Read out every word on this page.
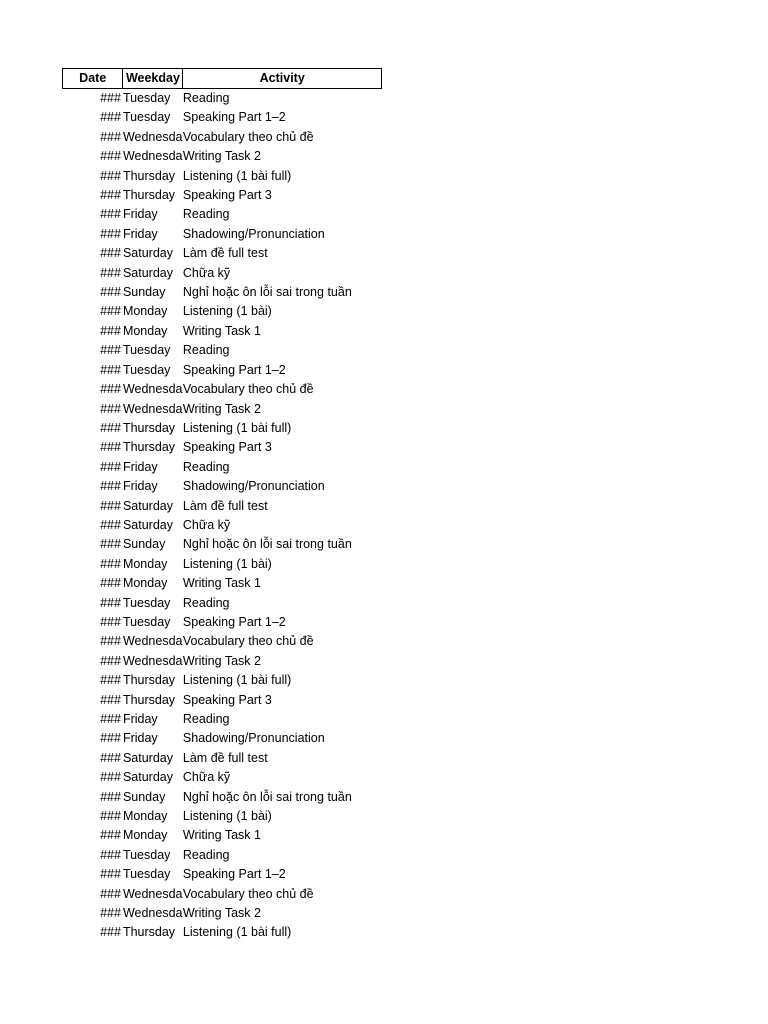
Date	Weekday	Activity
###	Tuesday	Reading
###	Tuesday	Speaking Part 1–2
###	Wednesda	Vocabulary theo chủ đề
###	Wednesda	Writing Task 2
###	Thursday	Listening (1 bài full)
###	Thursday	Speaking Part 3
###	Friday	Reading
###	Friday	Shadowing/Pronunciation
###	Saturday	Làm đề full test
###	Saturday	Chữa kỹ
###	Sunday	Nghỉ hoặc ôn lỗi sai trong tuần
###	Monday	Listening (1 bài)
###	Monday	Writing Task 1
###	Tuesday	Reading
###	Tuesday	Speaking Part 1–2
###	Wednesda	Vocabulary theo chủ đề
###	Wednesda	Writing Task 2
###	Thursday	Listening (1 bài full)
###	Thursday	Speaking Part 3
###	Friday	Reading
###	Friday	Shadowing/Pronunciation
###	Saturday	Làm đề full test
###	Saturday	Chữa kỹ
###	Sunday	Nghỉ hoặc ôn lỗi sai trong tuần
###	Monday	Listening (1 bài)
###	Monday	Writing Task 1
###	Tuesday	Reading
###	Tuesday	Speaking Part 1–2
###	Wednesda	Vocabulary theo chủ đề
###	Wednesda	Writing Task 2
###	Thursday	Listening (1 bài full)
###	Thursday	Speaking Part 3
###	Friday	Reading
###	Friday	Shadowing/Pronunciation
###	Saturday	Làm đề full test
###	Saturday	Chữa kỹ
###	Sunday	Nghỉ hoặc ôn lỗi sai trong tuần
###	Monday	Listening (1 bài)
###	Monday	Writing Task 1
###	Tuesday	Reading
###	Tuesday	Speaking Part 1–2
###	Wednesda	Vocabulary theo chủ đề
###	Wednesda	Writing Task 2
###	Thursday	Listening (1 bài full)
